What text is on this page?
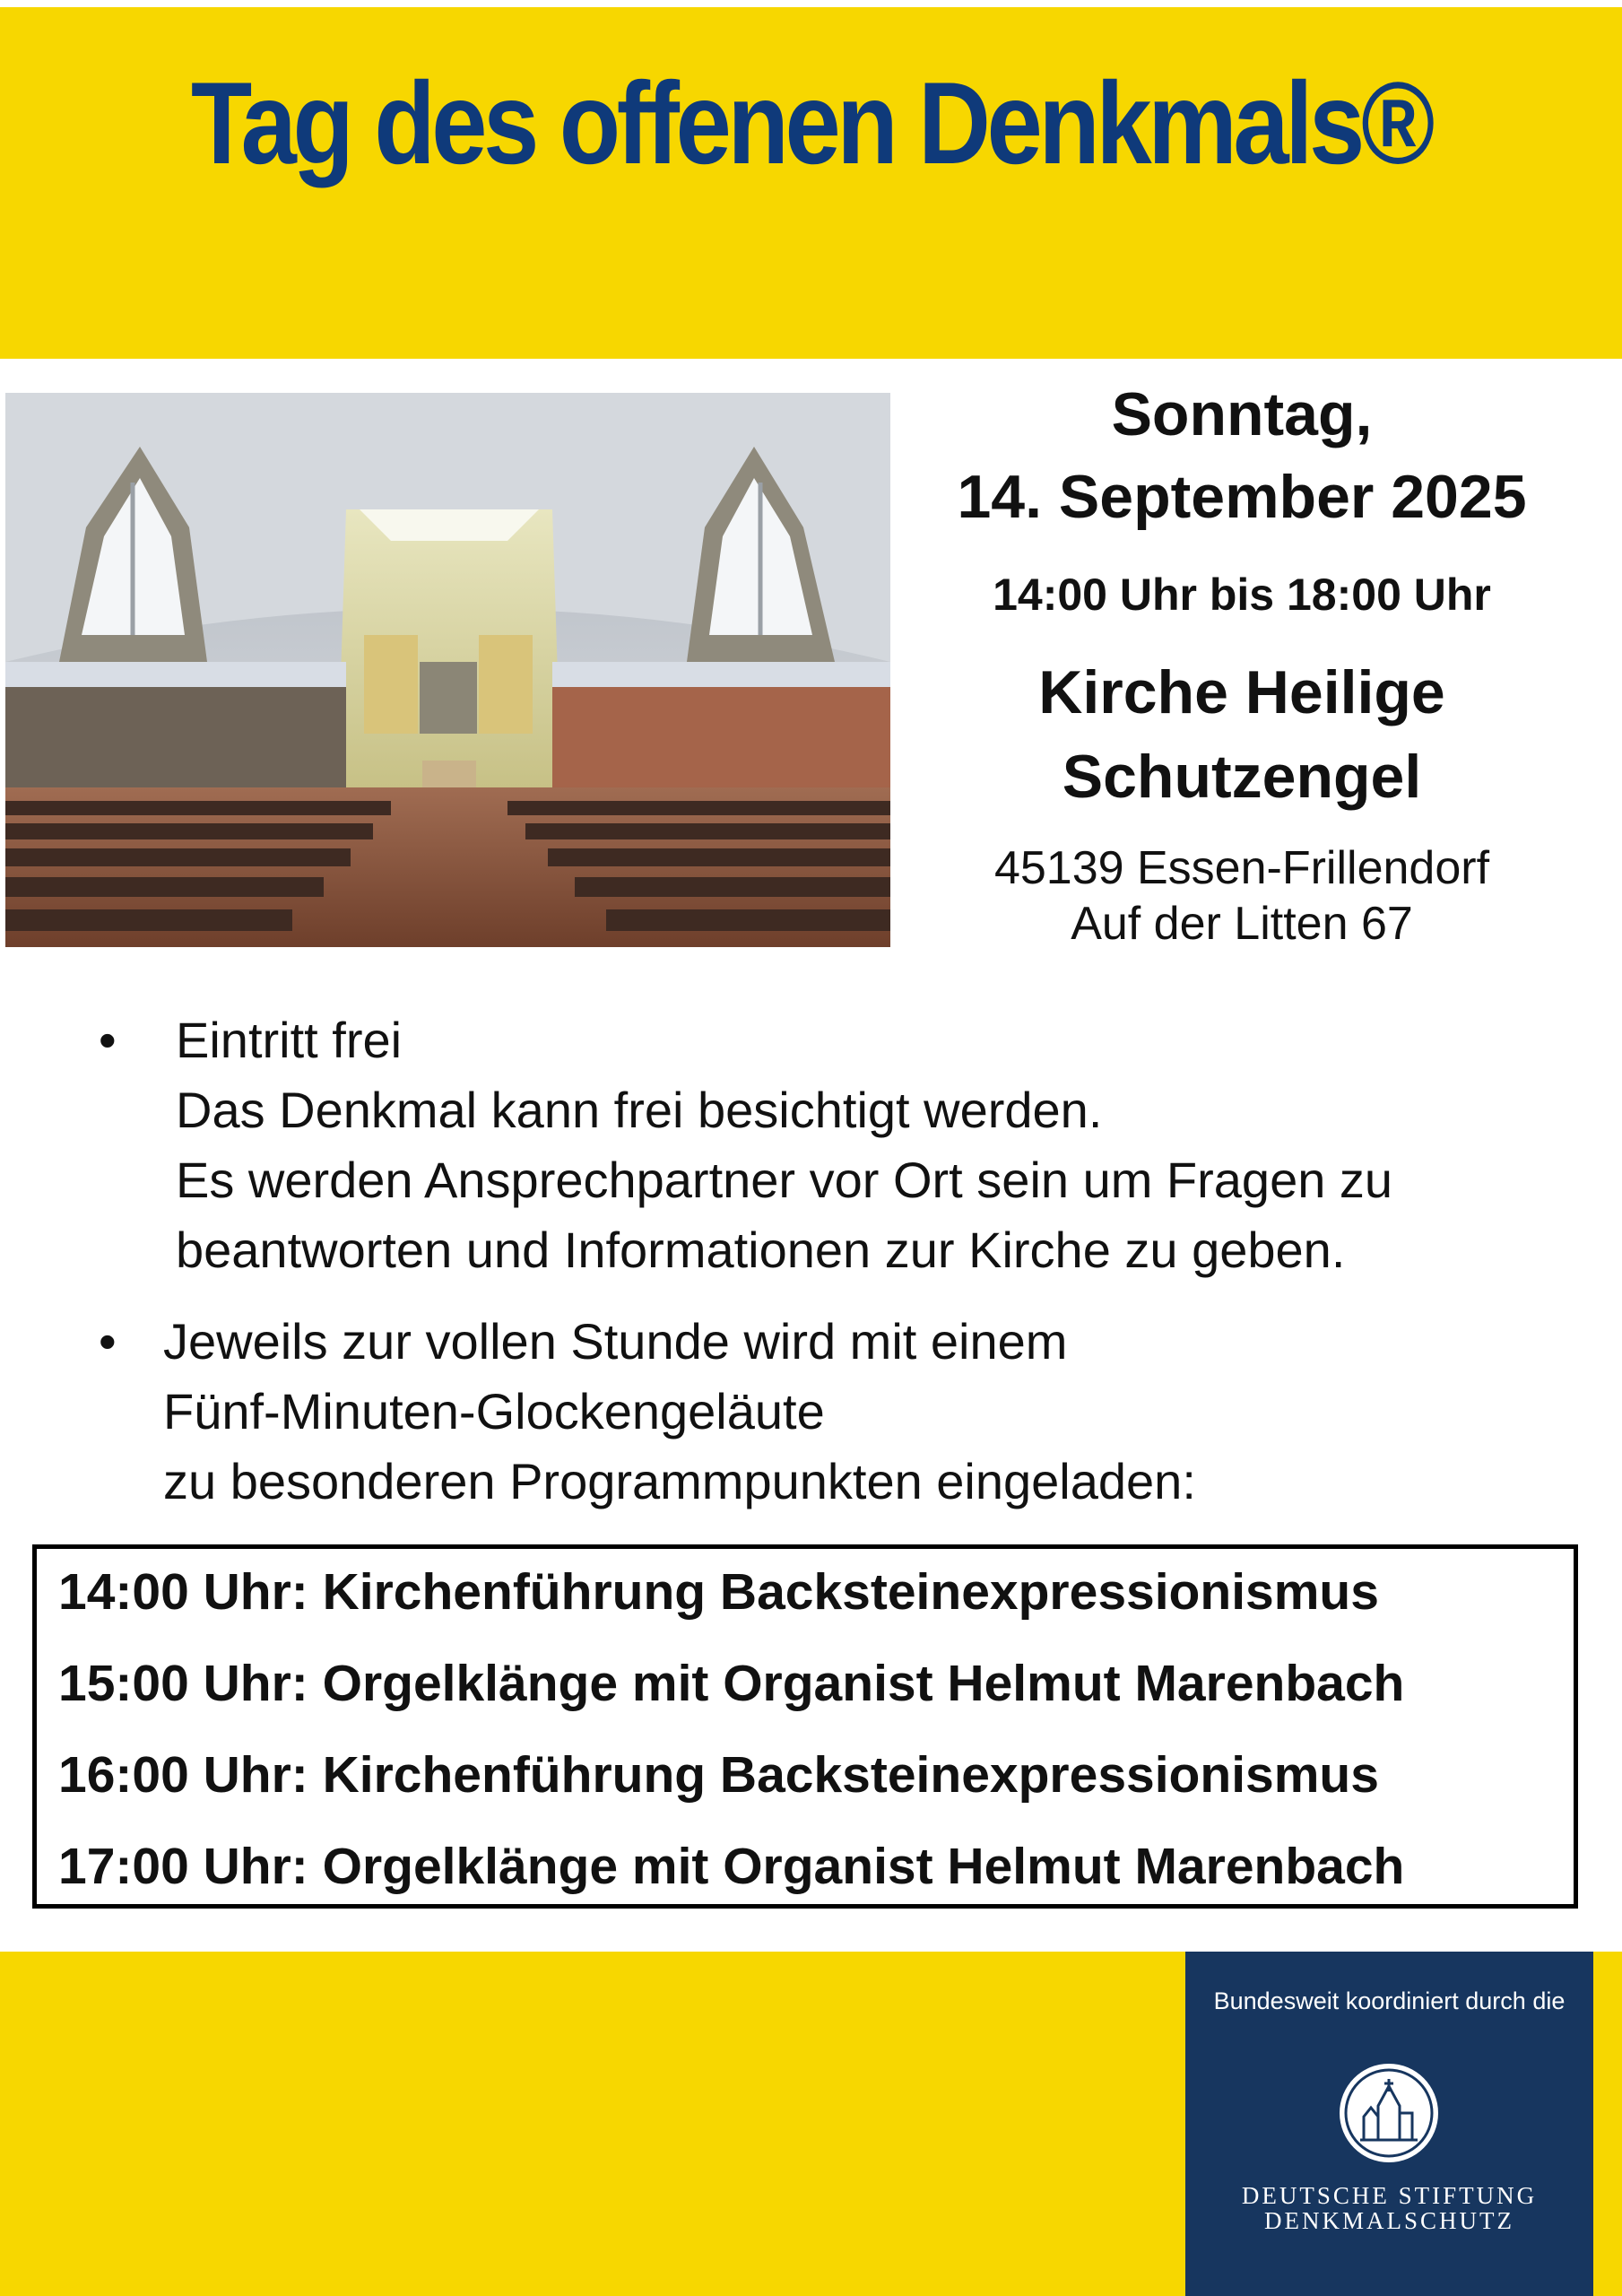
Tag des offenen Denkmals®
Sonntag,
14. September 2025
14:00 Uhr bis 18:00 Uhr
Kirche Heilige
Schutzengel
45139 Essen-Frillendorf
Auf der Litten 67
• Eintritt frei
Das Denkmal kann frei besichtigt werden.
Es werden Ansprechpartner vor Ort sein um Fragen zu
beantworten und Informationen zur Kirche zu geben.
• Jeweils zur vollen Stunde wird mit einem
Fünf-Minuten-Glockengeläute
zu besonderen Programmpunkten eingeladen:
14:00 Uhr: Kirchenführung Backsteinexpressionismus
15:00 Uhr: Orgelklänge mit Organist Helmut Marenbach
16:00 Uhr: Kirchenführung Backsteinexpressionismus
17:00 Uhr: Orgelklänge mit Organist Helmut Marenbach
Bundesweit koordiniert durch die
DEUTSCHE STIFTUNG
DENKMALSCHUTZ
